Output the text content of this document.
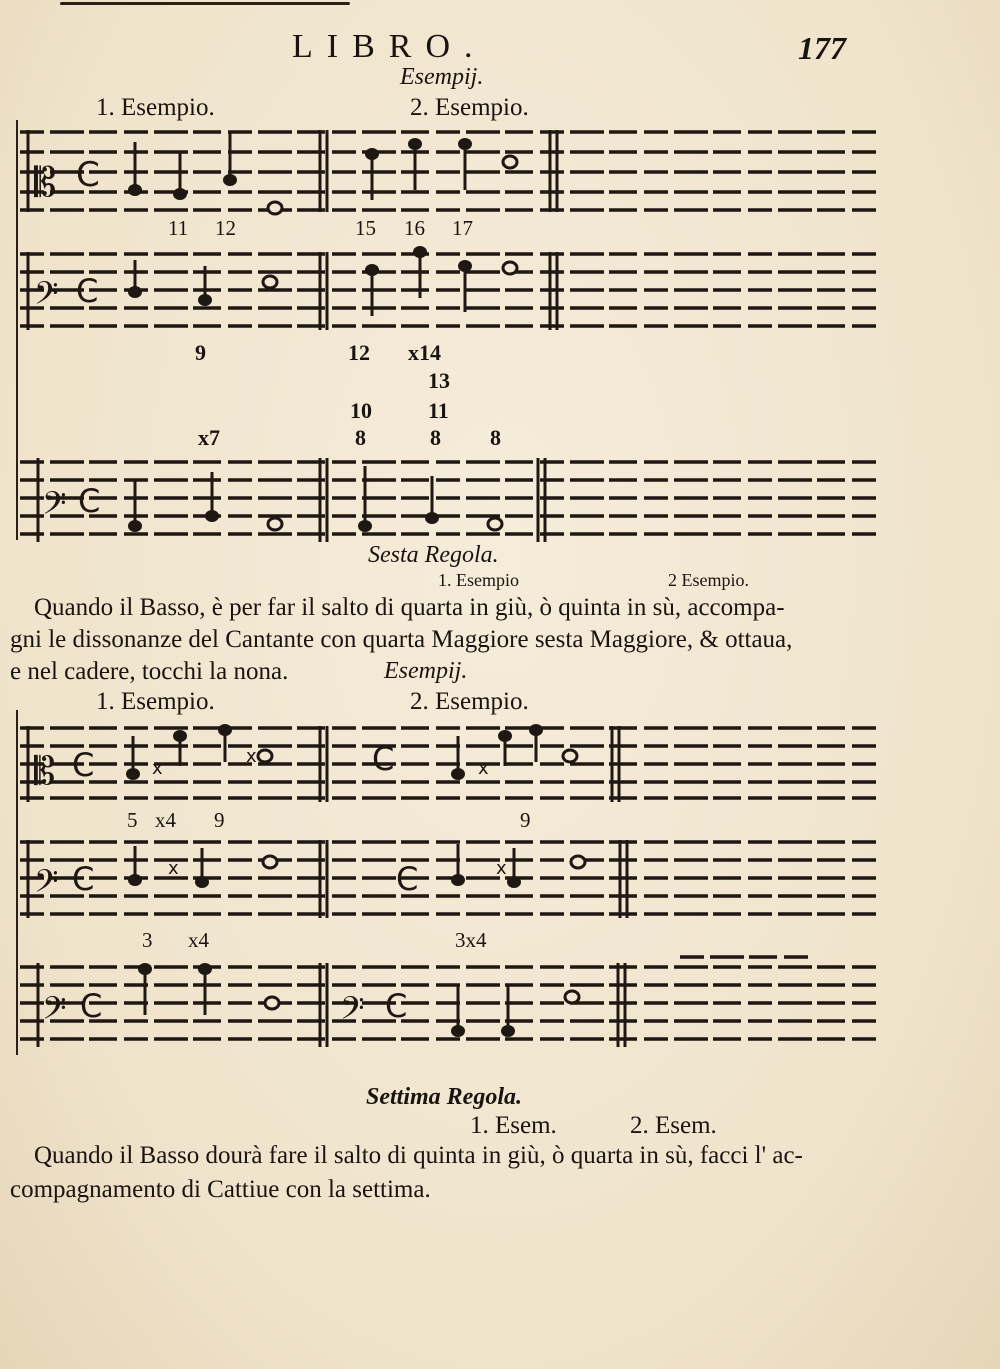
LIBRO.	177
Esempij.
1. Esempio.	2. Esempio.
𝄡 C
11 12	15 16 17
𝄢 C
9	12 x14
13
10	11
x7	8	8 8
𝄢 C
Sesta Regola.
1. Esempio	2 Esempio.
Quando il Basso, è per far il salto di quarta in giù, ò quinta in sù, accompa-
gni le dissonanze del Cantante con quarta Maggiore sesta Maggiore, & ottaua,
e nel cadere, tocchi la nona.	Esempij.
1. Esempio.	2. Esempio.
𝄡 C	x
x	C	x
5 x4 9	9
𝄢 C	x	C	x
3 x4	3x4
𝄢 C	𝄢 C
Settima Regola.
1. Esem.	2. Esem.
Quando il Basso dourà fare il salto di quinta in giù, ò quarta in sù, facci l' ac-
compagnamento di Cattiue con la settima.
